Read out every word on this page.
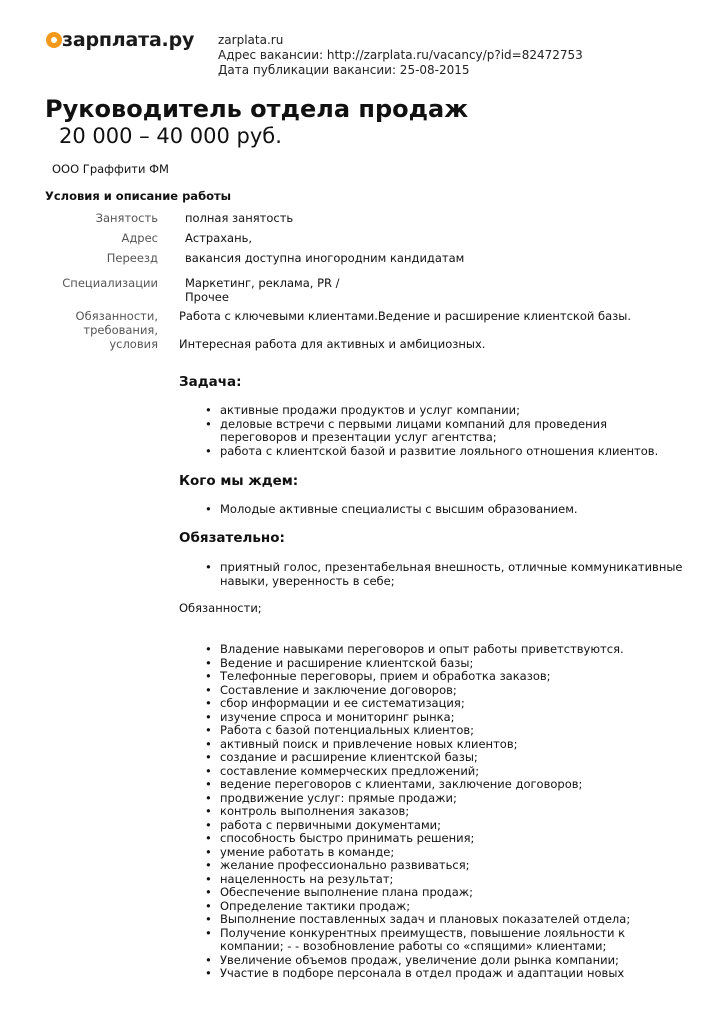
зарплата.ру zarplata.ru
Адрес вакансии: http://zarplata.ru/vacancy/p?id=82472753
Дата публикации вакансии: 25-08-2015
Руководитель отдела продаж
20 000 – 40 000 руб.
ООО Граффити ФМ
Условия и описание работы
Занятость полная занятость
Адрес Астрахань,
Переезд вакансия доступна иногородним кандидатам
Специализации Маркетинг, реклама, PR /
Прочее
Обязанности,
требования,
условия
Работа с ключевыми клиентами.Ведение и расширение клиентской базы.
Интересная работа для активных и амбициозных.
Задача:
• активные продажи продуктов и услуг компании;
• деловые встречи с первыми лицами компаний для проведения
переговоров и презентации услуг агентства;
• работа с клиентской базой и развитие лояльного отношения клиентов.
Кого мы ждем:
• Молодые активные специалисты с высшим образованием.
Обязательно:
• приятный голос, презентабельная внешность, отличные коммуникативные
навыки, уверенность в себе;
Обязанности;
• Владение навыками переговоров и опыт работы приветствуются.
• Ведение и расширение клиентской базы;
• Телефонные переговоры, прием и обработка заказов;
• Составление и заключение договоров;
• сбор информации и ее систематизация;
• изучение спроса и мониторинг рынка;
• Работа с базой потенциальных клиентов;
• активный поиск и привлечение новых клиентов;
• создание и расширение клиентской базы;
• составление коммерческих предложений;
• ведение переговоров с клиентами, заключение договоров;
• продвижение услуг: прямые продажи;
• контроль выполнения заказов;
• работа с первичными документами;
• способность быстро принимать решения;
• умение работать в команде;
• желание профессионально развиваться;
• нацеленность на результат;
• Обеспечение выполнение плана продаж;
• Определение тактики продаж;
• Выполнение поставленных задач и плановых показателей отдела;
• Получение конкурентных преимуществ, повышение лояльности к
компании; - - возобновление работы со «спящими» клиентами;
• Увеличение объемов продаж, увеличение доли рынка компании;
• Участие в подборе персонала в отдел продаж и адаптации новых
